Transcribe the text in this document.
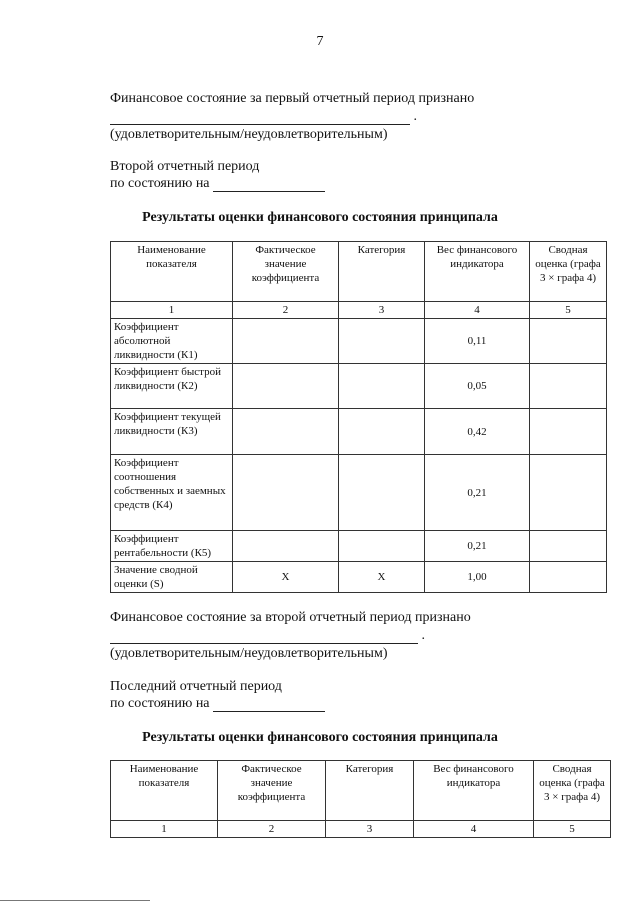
7
Финансовое состояние за первый отчетный период признано
.
(удовлетворительным/неудовлетворительным)
Второй отчетный период
по состоянию на
Результаты оценки финансового состояния принципала
Наименование показателя	Фактическое значение коэффициента	Категория	Вес финансового индикатора	Сводная оценка (графа 3 × графа 4)
1	2	3	4	5
Коэффициент абсолютной ликвидности (К1)			0,11	
Коэффициент быстрой ликвидности (К2)			0,05	
Коэффициент текущей ликвидности (К3)			0,42	
Коэффициент соотношения собственных и заемных средств (К4)			0,21	
Коэффициент рентабельности (К5)			0,21	
Значение сводной оценки (S)	Х	Х	1,00	
Финансовое состояние за второй отчетный период признано
.
(удовлетворительным/неудовлетворительным)
Последний отчетный период
по состоянию на
Результаты оценки финансового состояния принципала
Наименование показателя	Фактическое значение коэффициента	Категория	Вес финансового индикатора	Сводная оценка (графа 3 × графа 4)
1	2	3	4	5
